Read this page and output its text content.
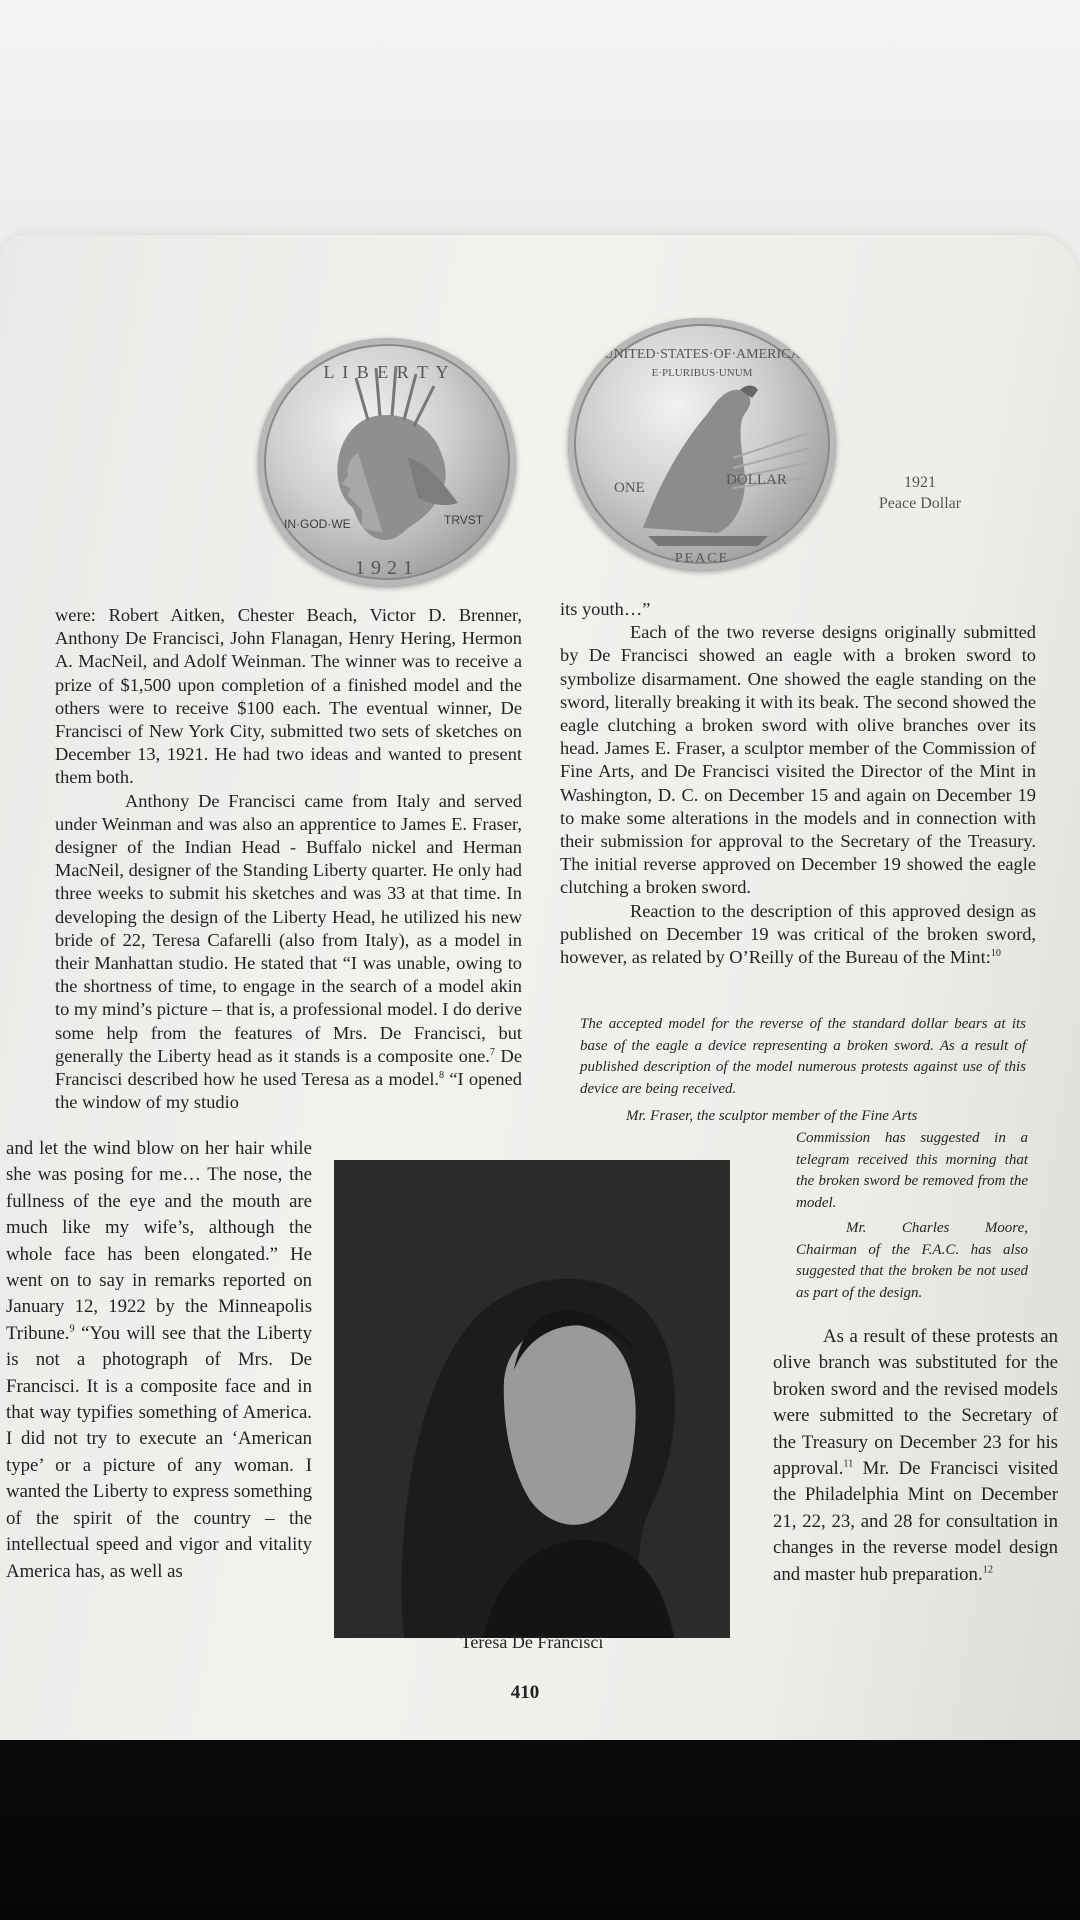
L I B E R T Y
IN·GOD·WE	TRVST
1921
UNITED·STATES·OF·AMERICA
E·PLURIBUS·UNUM
ONE	DOLLAR
PEACE
1921
Peace Dollar

were: Robert Aitken, Chester Beach, Victor D. Brenner, Anthony De Francisci, John Flanagan, Henry Hering, Hermon A. MacNeil, and Adolf Weinman. The winner was to receive a prize of $1,500 upon completion of a finished model and the others were to receive $100 each. The eventual winner, De Francisci of New York City, submitted two sets of sketches on December 13, 1921. He had two ideas and wanted to present them both.

Anthony De Francisci came from Italy and served under Weinman and was also an apprentice to James E. Fraser, designer of the Indian Head - Buffalo nickel and Herman MacNeil, designer of the Standing Liberty quarter. He only had three weeks to submit his sketches and was 33 at that time. In developing the design of the Liberty Head, he utilized his new bride of 22, Teresa Cafarelli (also from Italy), as a model in their Manhattan studio. He stated that “I was unable, owing to the shortness of time, to engage in the search of a model akin to my mind’s picture – that is, a professional model. I do derive some help from the features of Mrs. De Francisci, but generally the Liberty head as it stands is a composite one.$^7$ De Francisci described how he used Teresa as a model.$^8$ “I opened the window of my studio

and let the wind blow on her hair while she was posing for me… The nose, the fullness of the eye and the mouth are much like my wife’s, although the whole face has been elongated.” He went on to say in remarks reported on January 12, 1922 by the Minneapolis Tribune.$^9$ “You will see that the Liberty is not a photograph of Mrs. De Francisci. It is a composite face and in that way typifies something of America. I did not try to execute an ‘American type’ or a picture of any woman. I wanted the Liberty to express something of the spirit of the country – the intellectual speed and vigor and vitality America has, as well as
Teresa De Francisci

its youth…”

Each of the two reverse designs originally submitted by De Francisci showed an eagle with a broken sword to symbolize disarmament. One showed the eagle standing on the sword, literally breaking it with its beak. The second showed the eagle clutching a broken sword with olive branches over its head. James E. Fraser, a sculptor member of the Commission of Fine Arts, and De Francisci visited the Director of the Mint in Washington, D. C. on December 15 and again on December 19 to make some alterations in the models and in connection with their submission for approval to the Secretary of the Treasury. The initial reverse approved on December 19 showed the eagle clutching a broken sword.

Reaction to the description of this approved design as published on December 19 was critical of the broken sword, however, as related by O’Reilly of the Bureau of the Mint:$^{10}$

The accepted model for the reverse of the standard dollar bears at its base of the eagle a device representing a broken sword. As a result of published description of the model numerous protests against use of this device are being received.
Mr. Fraser, the sculptor member of the Fine Arts
Commission has suggested in a telegram received this morning that the broken sword be removed from the model.
Mr. Charles Moore, Chairman of the F.A.C. has also suggested that the broken be not used as part of the design.
As a result of these protests an olive branch was substituted for the broken sword and the revised models were submitted to the Secretary of the Treasury on December 23 for his approval.$^{11}$ Mr. De Francisci visited the Philadelphia Mint on December 21, 22, 23, and 28 for consultation in changes in the reverse model design and master hub preparation.$^{12}$
410
